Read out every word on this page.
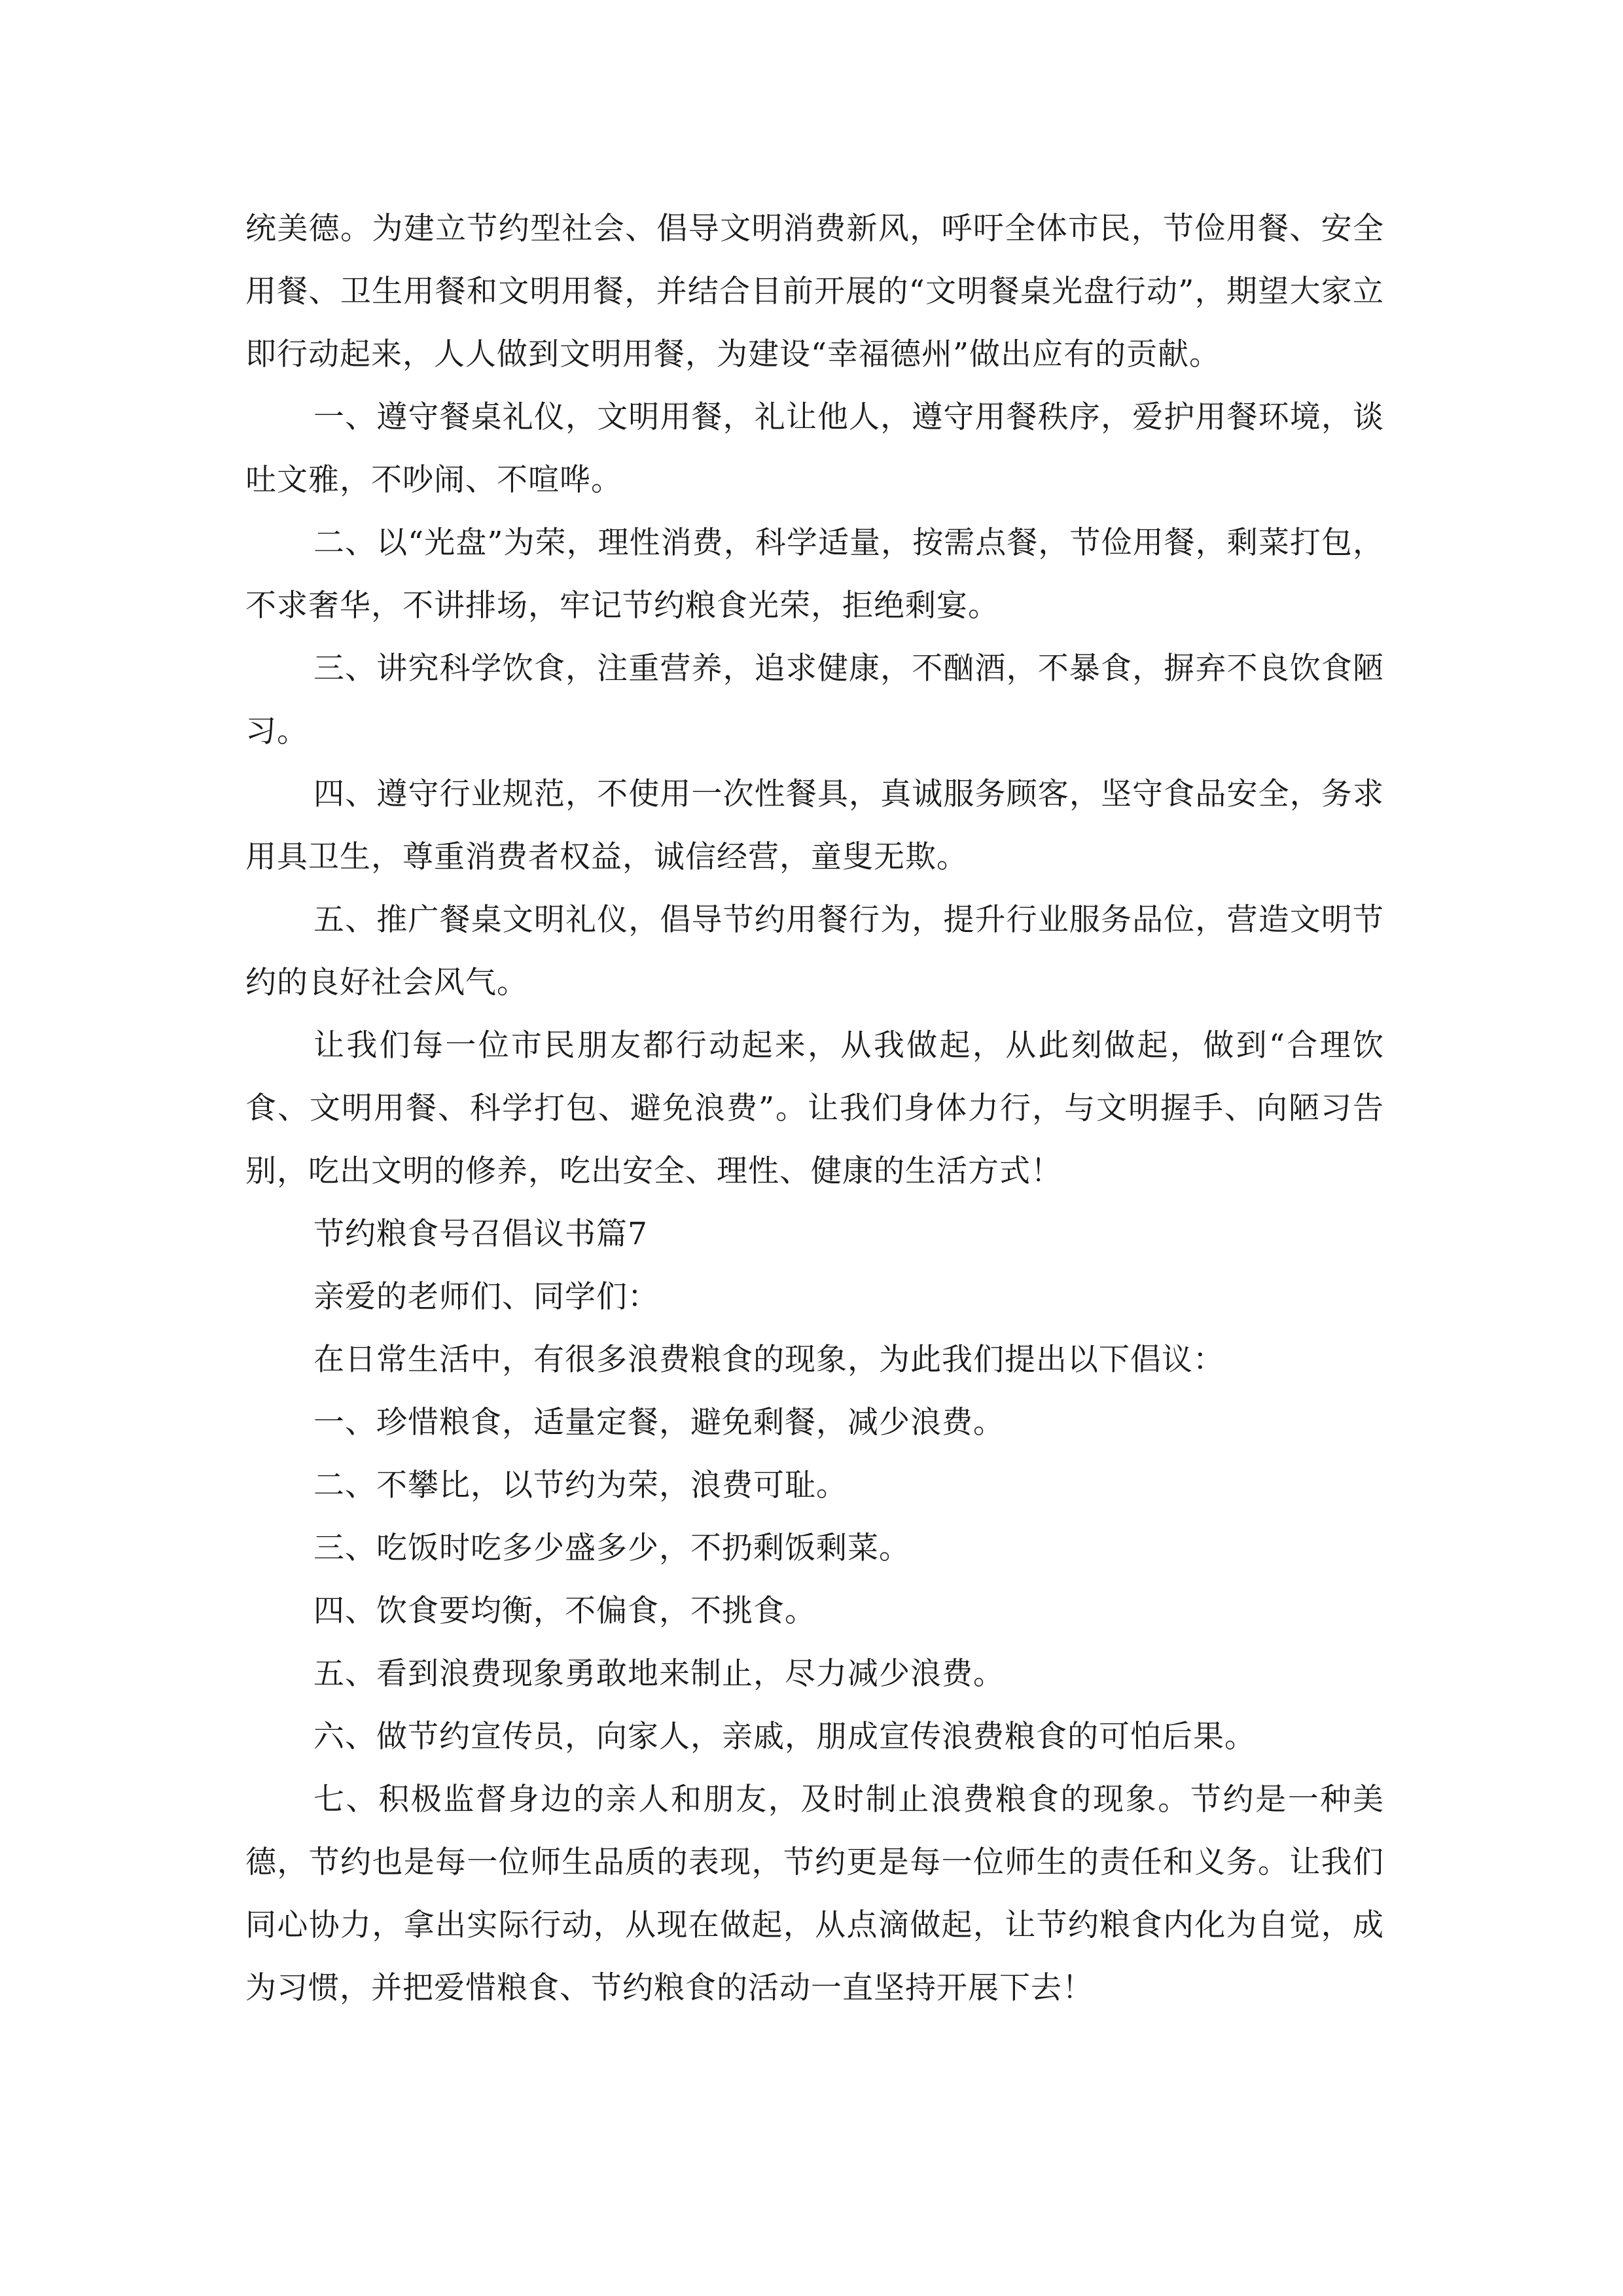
统美德。为建立节约型社会、倡导文明消费新风，呼吁全体市民，节俭用餐、安全用餐、卫生用餐和文明用餐，并结合目前开展的“文明餐桌光盘行动”，期望大家立即行动起来，人人做到文明用餐，为建设“幸福德州”做出应有的贡献。

一、遵守餐桌礼仪，文明用餐，礼让他人，遵守用餐秩序，爱护用餐环境，谈吐文雅，不吵闹、不喧哗。

二、以“光盘”为荣，理性消费，科学适量，按需点餐，节俭用餐，剩菜打包，不求奢华，不讲排场，牢记节约粮食光荣，拒绝剩宴。

三、讲究科学饮食，注重营养，追求健康，不酗酒，不暴食，摒弃不良饮食陋习。

四、遵守行业规范，不使用一次性餐具，真诚服务顾客，坚守食品安全，务求用具卫生，尊重消费者权益，诚信经营，童叟无欺。

五、推广餐桌文明礼仪，倡导节约用餐行为，提升行业服务品位，营造文明节约的良好社会风气。

让我们每一位市民朋友都行动起来，从我做起，从此刻做起，做到“合理饮食、文明用餐、科学打包、避免浪费”。让我们身体力行，与文明握手、向陋习告别，吃出文明的修养，吃出安全、理性、健康的生活方式！

节约粮食号召倡议书篇7

亲爱的老师们、同学们：

在日常生活中，有很多浪费粮食的现象，为此我们提出以下倡议：

一、珍惜粮食，适量定餐，避免剩餐，减少浪费。

二、不攀比，以节约为荣，浪费可耻。

三、吃饭时吃多少盛多少，不扔剩饭剩菜。

四、饮食要均衡，不偏食，不挑食。

五、看到浪费现象勇敢地来制止，尽力减少浪费。

六、做节约宣传员，向家人，亲戚，朋成宣传浪费粮食的可怕后果。

七、积极监督身边的亲人和朋友，及时制止浪费粮食的现象。节约是一种美德，节约也是每一位师生品质的表现，节约更是每一位师生的责任和义务。让我们同心协力，拿出实际行动，从现在做起，从点滴做起，让节约粮食内化为自觉，成为习惯，并把爱惜粮食、节约粮食的活动一直坚持开展下去！
